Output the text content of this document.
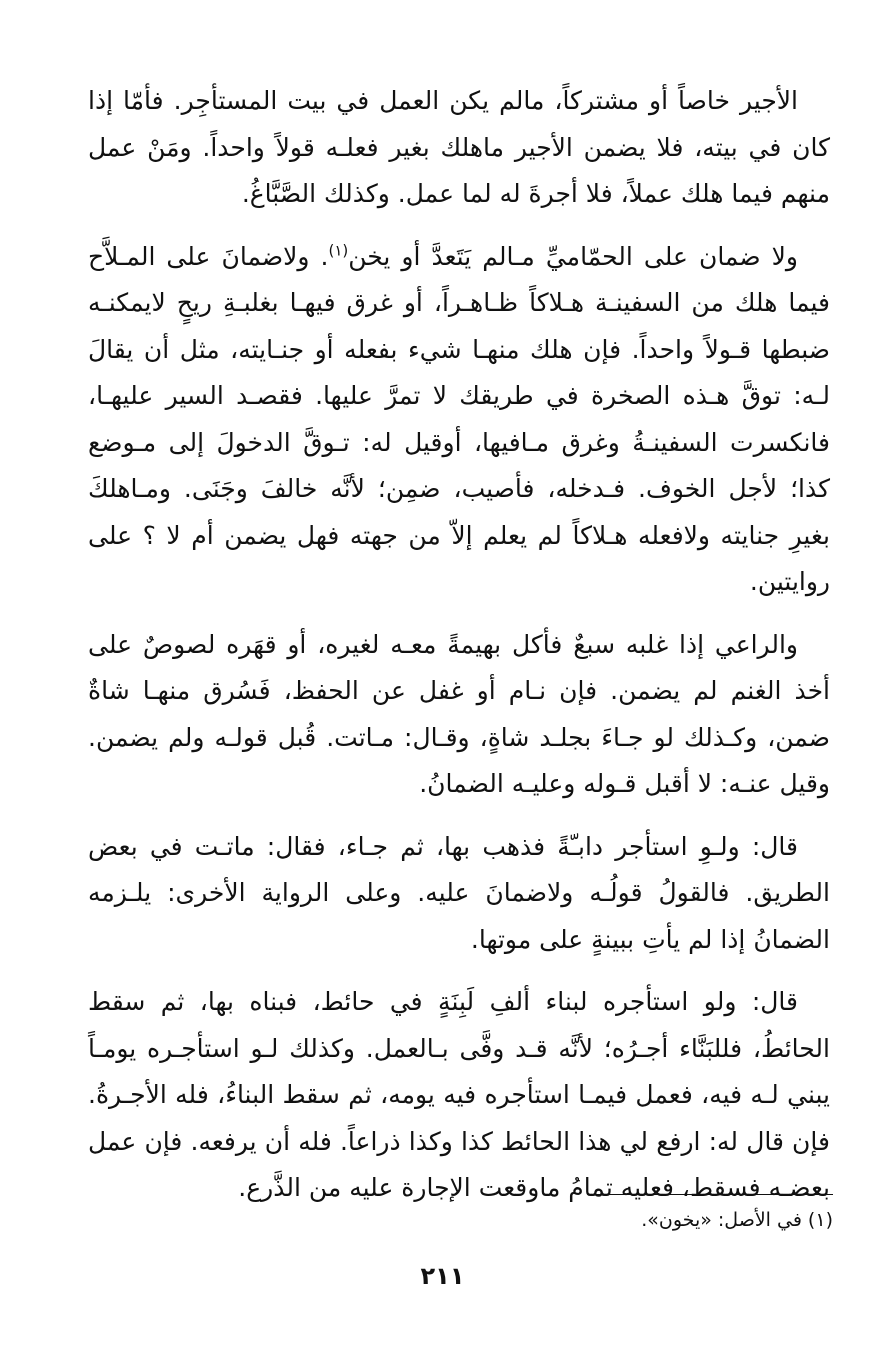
الأجير خاصاً أو مشتركاً، مالم يكن العمل في بيت المستأجِر. فأمّا إذا كان في بيته، فلا يضمن الأجير ماهلك بغير فعلـه قولاً واحداً. ومَنْ عمل منهم فيما هلك عملاً، فلا أجرةَ له لما عمل. وكذلك الصَّبَّاغُ.

ولا ضمان على الحمّاميِّ مـالم يَتَعدَّ أو يخن$^{(١)}$. ولاضمانَ على المـلاَّح فيما هلك من السفينـة هـلاكاً ظـاهـراً، أو غرق فيهـا بغلبـةِ ريحٍ لايمكنـه ضبطها قـولاً واحداً. فإن هلك منهـا شيء بفعله أو جنـايته، مثل أن يقالَ لـه: توقَّ هـذه الصخرة في طريقك لا تمرَّ عليها. فقصـد السير عليهـا، فانكسرت السفينـةُ وغرق مـافيها، أوقيل له: تـوقَّ الدخولَ إلى مـوضع كذا؛ لأجل الخوف. فـدخله، فأصيب، ضمِن؛ لأنَّه خالفَ وجَنَى. ومـاهلكَ بغيرِ جنايته ولافعله هـلاكاً لم يعلم إلاّ من جهته فهل يضمن أم لا ؟ على روايتين.

والراعي إذا غلبه سبعٌ فأكل بهيمةً معـه لغيره، أو قهَره لصوصٌ على أخذ الغنم لم يضمن. فإن نـام أو غفل عن الحفظ، فَسُرق منهـا شاةٌ ضمن، وكـذلك لو جـاءَ بجلـد شاةٍ، وقـال: مـاتت. قُبل قولـه ولم يضمن. وقيل عنـه: لا أقبل قـوله وعليـه الضمانُ.

قال: ولـوِ استأجر دابـّةً فذهب بها، ثم جـاء، فقال: ماتـت في بعض الطريق. فالقولُ قولُـه ولاضمانَ عليه. وعلى الرواية الأخرى: يلـزمه الضمانُ إذا لم يأتِ ببينةٍ على موتها.

قال: ولو استأجره لبناء ألفِ لَبِنَةٍ في حائط، فبناه بها، ثم سقط الحائطُ، فللبَنَّاء أجـرُه؛ لأنَّه قـد وفَّى بـالعمل. وكذلك لـو استأجـره يومـاً يبني لـه فيه، فعمل فيمـا استأجره فيه يومه، ثم سقط البناءُ، فله الأجـرةُ. فإن قال له: ارفع لي هذا الحائط كذا وكذا ذراعاً. فله أن يرفعه. فإن عمل بعضـه فسقط، فعليه تمامُ ماوقعت الإجارة عليه من الذَّرع.

(١) في الأصل: «يخون».
٢١١
